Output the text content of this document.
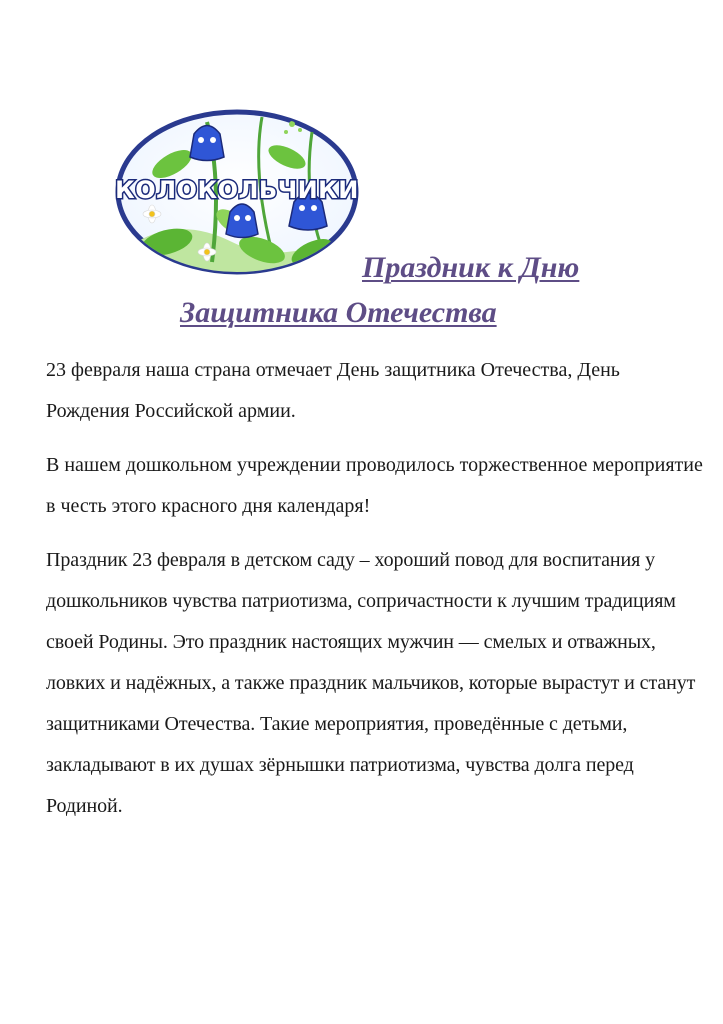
КОЛОКОЛЬЧИКИ
Праздник к Дню
Защитника Отечества

23 февраля наша страна отмечает День защитника Отечества, День Рождения Российской армии.

В нашем дошкольном учреждении проводилось торжественное мероприятие в честь этого красного дня календаря!

Праздник 23 февраля в детском саду – хороший повод для воспитания у дошкольников чувства патриотизма, сопричастности к лучшим традициям своей Родины. Это праздник настоящих мужчин — смелых и отважных, ловких и надёжных, а также праздник мальчиков, которые вырастут и станут защитниками Отечества. Такие мероприятия, проведённые с детьми, закладывают в их душах зёрнышки патриотизма, чувства долга перед Родиной.
